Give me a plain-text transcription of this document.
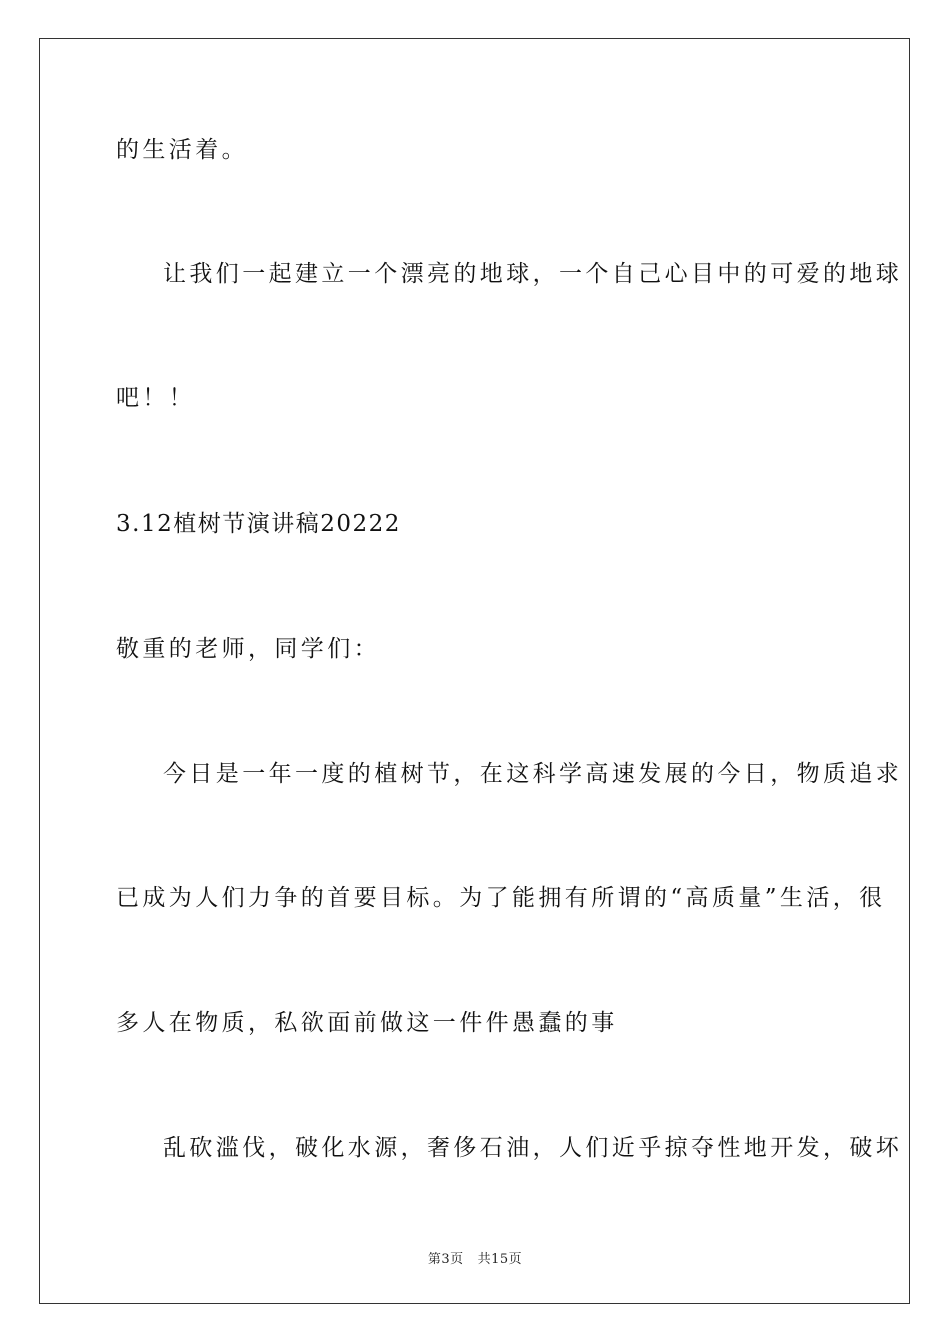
的生活着。
让我们一起建立一个漂亮的地球，一个自己心目中的可爱的地球
吧！！
3.12植树节演讲稿20222
敬重的老师，同学们：
今日是一年一度的植树节，在这科学高速发展的今日，物质追求
已成为人们力争的首要目标。为了能拥有所谓的“高质量”生活，很
多人在物质，私欲面前做这一件件愚蠢的事
乱砍滥伐，破化水源，奢侈石油，人们近乎掠夺性地开发，破坏
第3页 共15页
